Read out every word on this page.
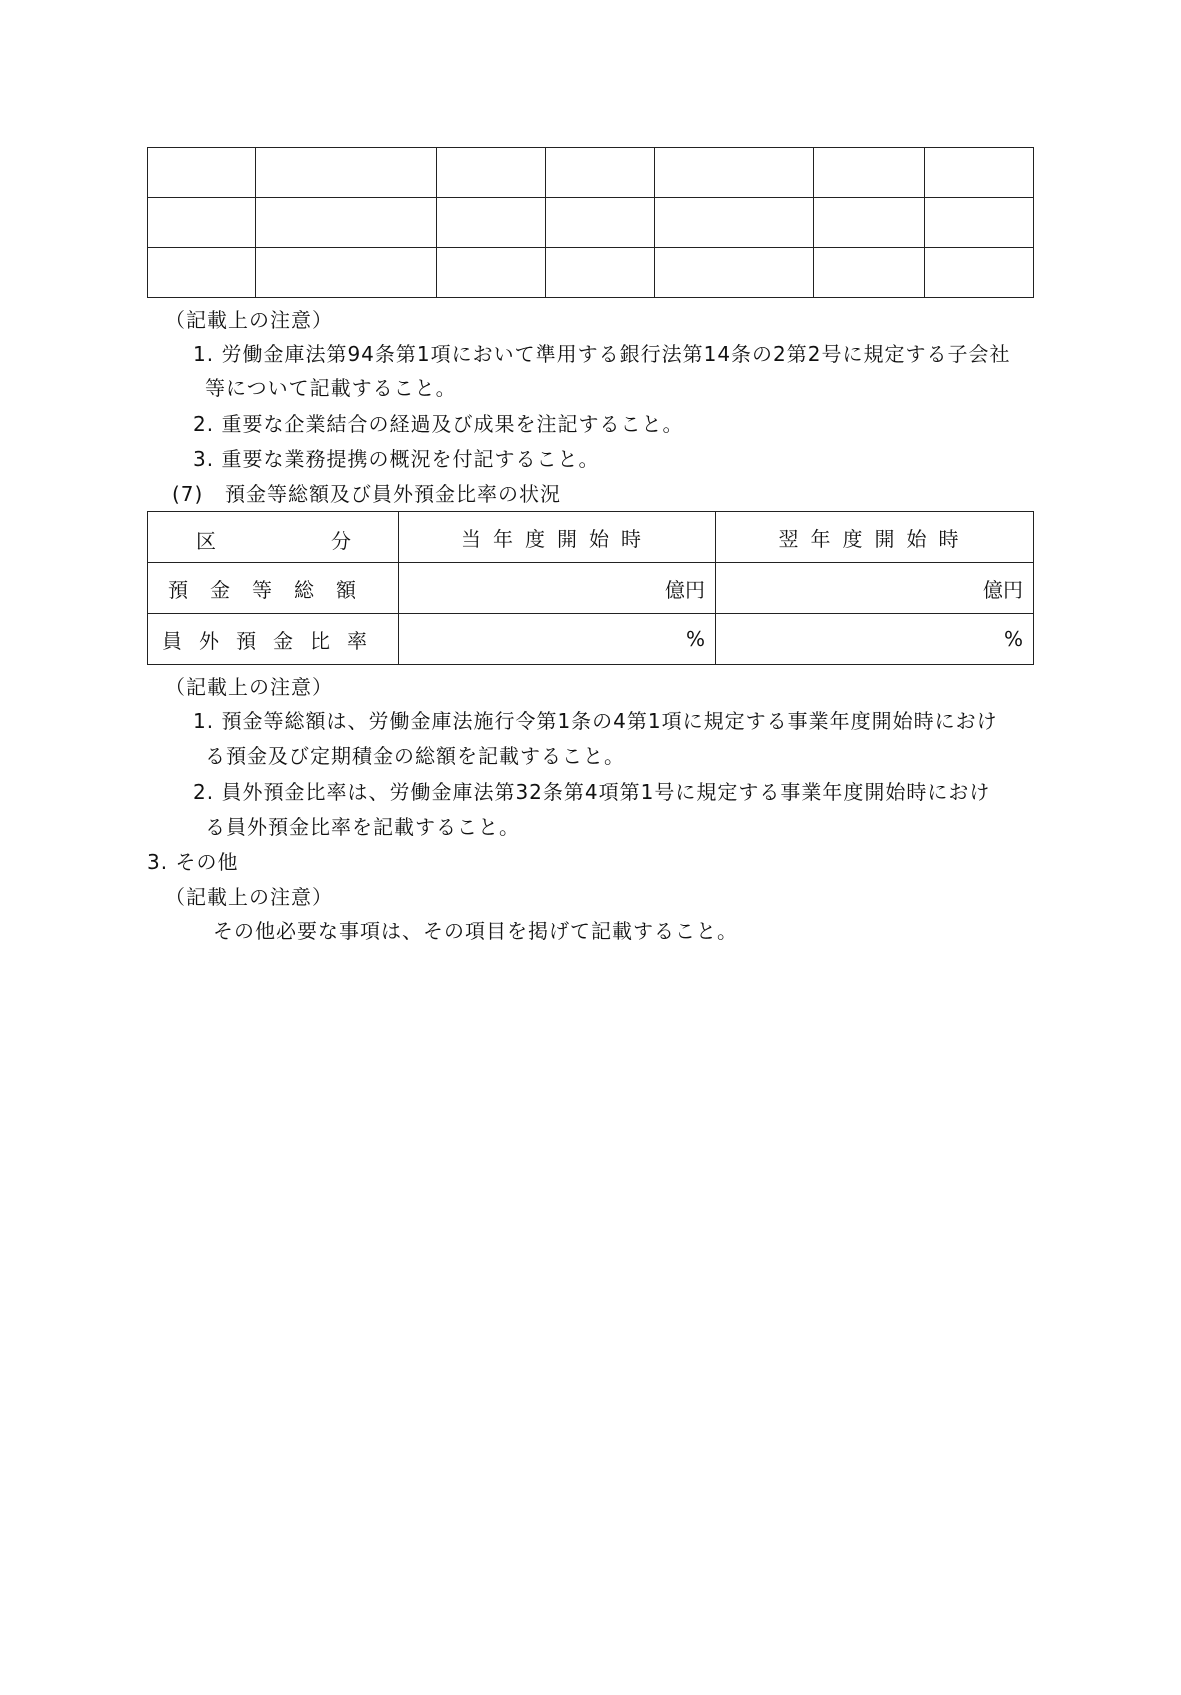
（記載上の注意）
1. 労働金庫法第94条第1項において準用する銀行法第14条の2第2号に規定する子会社
等について記載すること。
2. 重要な企業結合の経過及び成果を注記すること。
3. 重要な業務提携の概況を付記すること。
(7) 預金等総額及び員外預金比率の状況
区 分	当年度開始時	翌年度開始時
預金等総額	億円	億円
員外預金比率	%	%
（記載上の注意）
1. 預金等総額は、労働金庫法施行令第1条の4第1項に規定する事業年度開始時におけ
る預金及び定期積金の総額を記載すること。
2. 員外預金比率は、労働金庫法第32条第4項第1号に規定する事業年度開始時におけ
る員外預金比率を記載すること。
3. その他
（記載上の注意）
その他必要な事項は、その項目を掲げて記載すること。
